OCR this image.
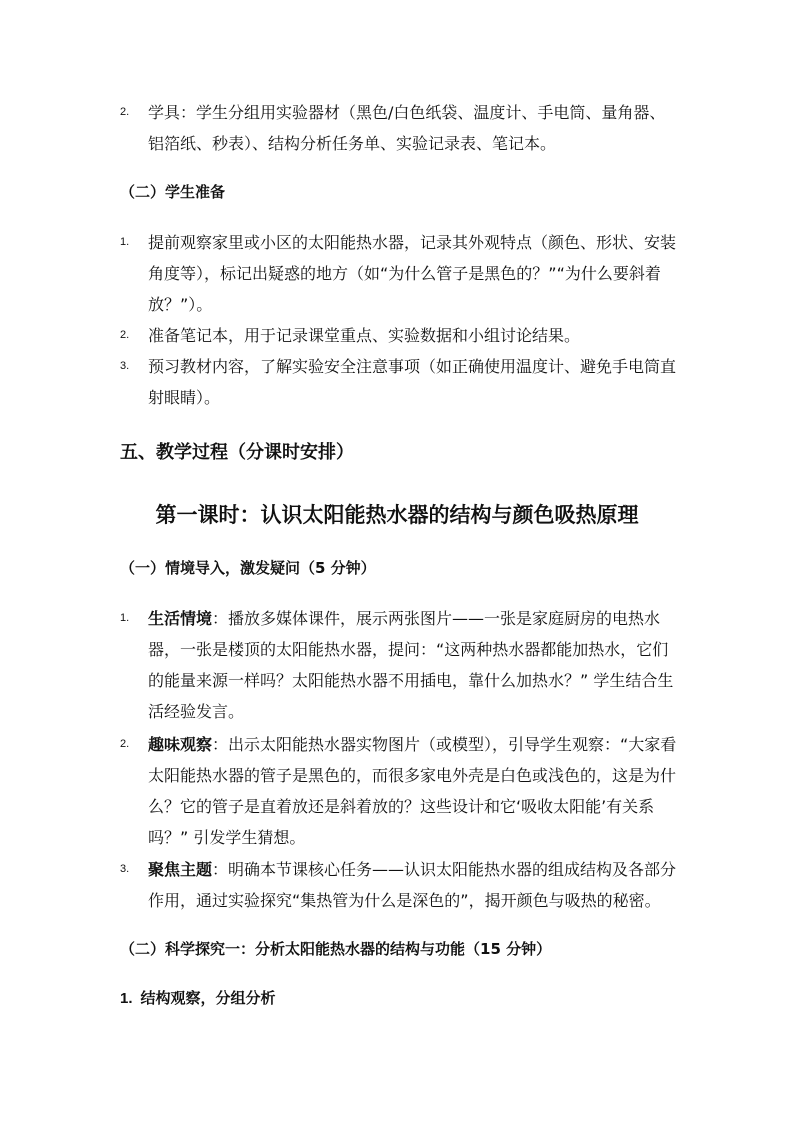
2. 学具：学生分组用实验器材（黑色/白色纸袋、温度计、手电筒、量角器、铝箔纸、秒表）、结构分析任务单、实验记录表、笔记本。
（二）学生准备
1. 提前观察家里或小区的太阳能热水器，记录其外观特点（颜色、形状、安装角度等），标记出疑惑的地方（如“为什么管子是黑色的？”“为什么要斜着放？”）。
2. 准备笔记本，用于记录课堂重点、实验数据和小组讨论结果。
3. 预习教材内容，了解实验安全注意事项（如正确使用温度计、避免手电筒直射眼睛）。
五、教学过程（分课时安排）
第一课时：认识太阳能热水器的结构与颜色吸热原理
（一）情境导入，激发疑问（5 分钟）
1. 生活情境：播放多媒体课件，展示两张图片——一张是家庭厨房的电热水器，一张是楼顶的太阳能热水器，提问：“这两种热水器都能加热水，它们的能量来源一样吗？太阳能热水器不用插电，靠什么加热水？” 学生结合生活经验发言。
2. 趣味观察：出示太阳能热水器实物图片（或模型），引导学生观察：“大家看太阳能热水器的管子是黑色的，而很多家电外壳是白色或浅色的，这是为什么？它的管子是直着放还是斜着放的？这些设计和它‘吸收太阳能’有关系吗？” 引发学生猜想。
3. 聚焦主题：明确本节课核心任务——认识太阳能热水器的组成结构及各部分作用，通过实验探究“集热管为什么是深色的”，揭开颜色与吸热的秘密。
（二）科学探究一：分析太阳能热水器的结构与功能（15 分钟）
1. 结构观察，分组分析
